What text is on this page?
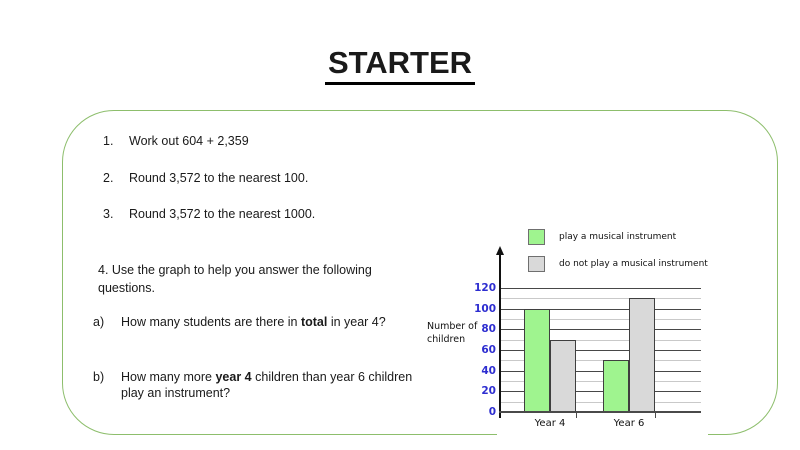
STARTER
1.	Work out 604 + 2,359
2.	Round 3,572 to the nearest 100.
3.	Round 3,572 to the nearest 1000.
4. Use the graph to help you answer the following questions.
a)	How many students are there in total in year 4?
b)	How many more year 4 children than year 6 children play an instrument?
Number of
children
play a musical instrument
do not play a musical instrument
0
20
40
60
80
100
120
Year 4	Year 6
